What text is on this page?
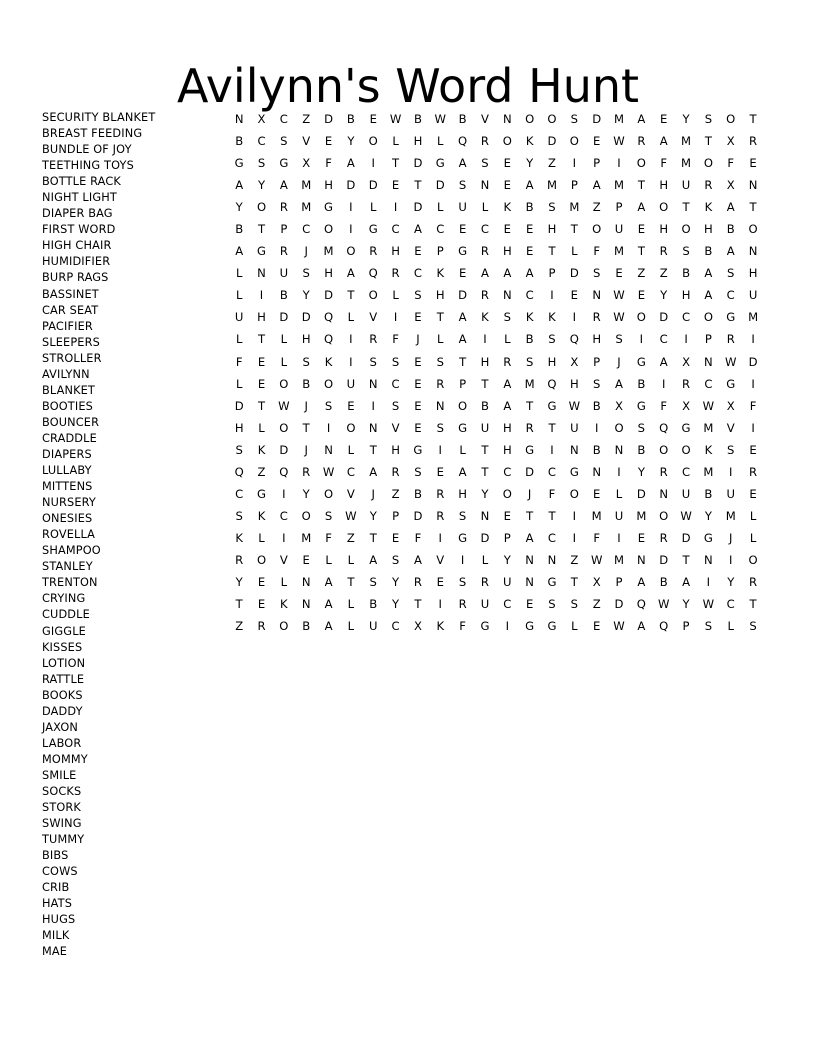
Avilynn's Word Hunt
SECURITY BLANKET
BREAST FEEDING
BUNDLE OF JOY
TEETHING TOYS
BOTTLE RACK
NIGHT LIGHT
DIAPER BAG
FIRST WORD
HIGH CHAIR
HUMIDIFIER
BURP RAGS
BASSINET
CAR SEAT
PACIFIER
SLEEPERS
STROLLER
AVILYNN
BLANKET
BOOTIES
BOUNCER
CRADDLE
DIAPERS
LULLABY
MITTENS
NURSERY
ONESIES
ROVELLA
SHAMPOO
STANLEY
TRENTON
CRYING
CUDDLE
GIGGLE
KISSES
LOTION
RATTLE
BOOKS
DADDY
JAXON
LABOR
MOMMY
SMILE
SOCKS
STORK
SWING
TUMMY
BIBS
COWS
CRIB
HATS
HUGS
MILK
MAE
N X C Z D B E W B W B V N O O S D M A E Y S O T
B C S V E Y O L H L Q R O K D O E W R A M T X R
G S G X F A I T D G A S E Y Z I P I O F M O F E
A Y A M H D D E T D S N E A M P A M T H U R X N
Y O R M G I L I D L U L K B S M Z P A O T K A T
B T P C O I G C A C E C E E H T O U E H O H B O
A G R J M O R H E P G R H E T L F M T R S B A N
L N U S H A Q R C K E A A A P D S E Z Z B A S H
L I B Y D T O L S H D R N C I E N W E Y H A C U
U H D D Q L V I E T A K S K K I R W O D C O G M
L T L H Q I R F J L A I L B S Q H S I C I P R I
F E L S K I S S E S T H R S H X P J G A X N W D
L E O B O U N C E R P T A M Q H S A B I R C G I
D T W J S E I S E N O B A T G W B X G F X W X F
H L O T I O N V E S G U H R T U I O S Q G M V I
S K D J N L T H G I L T H G I N B N B O O K S E
Q Z Q R W C A R S E A T C D C G N I Y R C M I R
C G I Y O V J Z B R H Y O J F O E L D N U B U E
S K C O S W Y P D R S N E T T I M U M O W Y M L
K L I M F Z T E F I G D P A C I F I E R D G J L
R O V E L L A S A V I L Y N N Z W M N D T N I O
Y E L N A T S Y R E S R U N G T X P A B A I Y R
T E K N A L B Y T I R U C E S S Z D Q W Y W C T
Z R O B A L U C X K F G I G G L E W A Q P S L S
